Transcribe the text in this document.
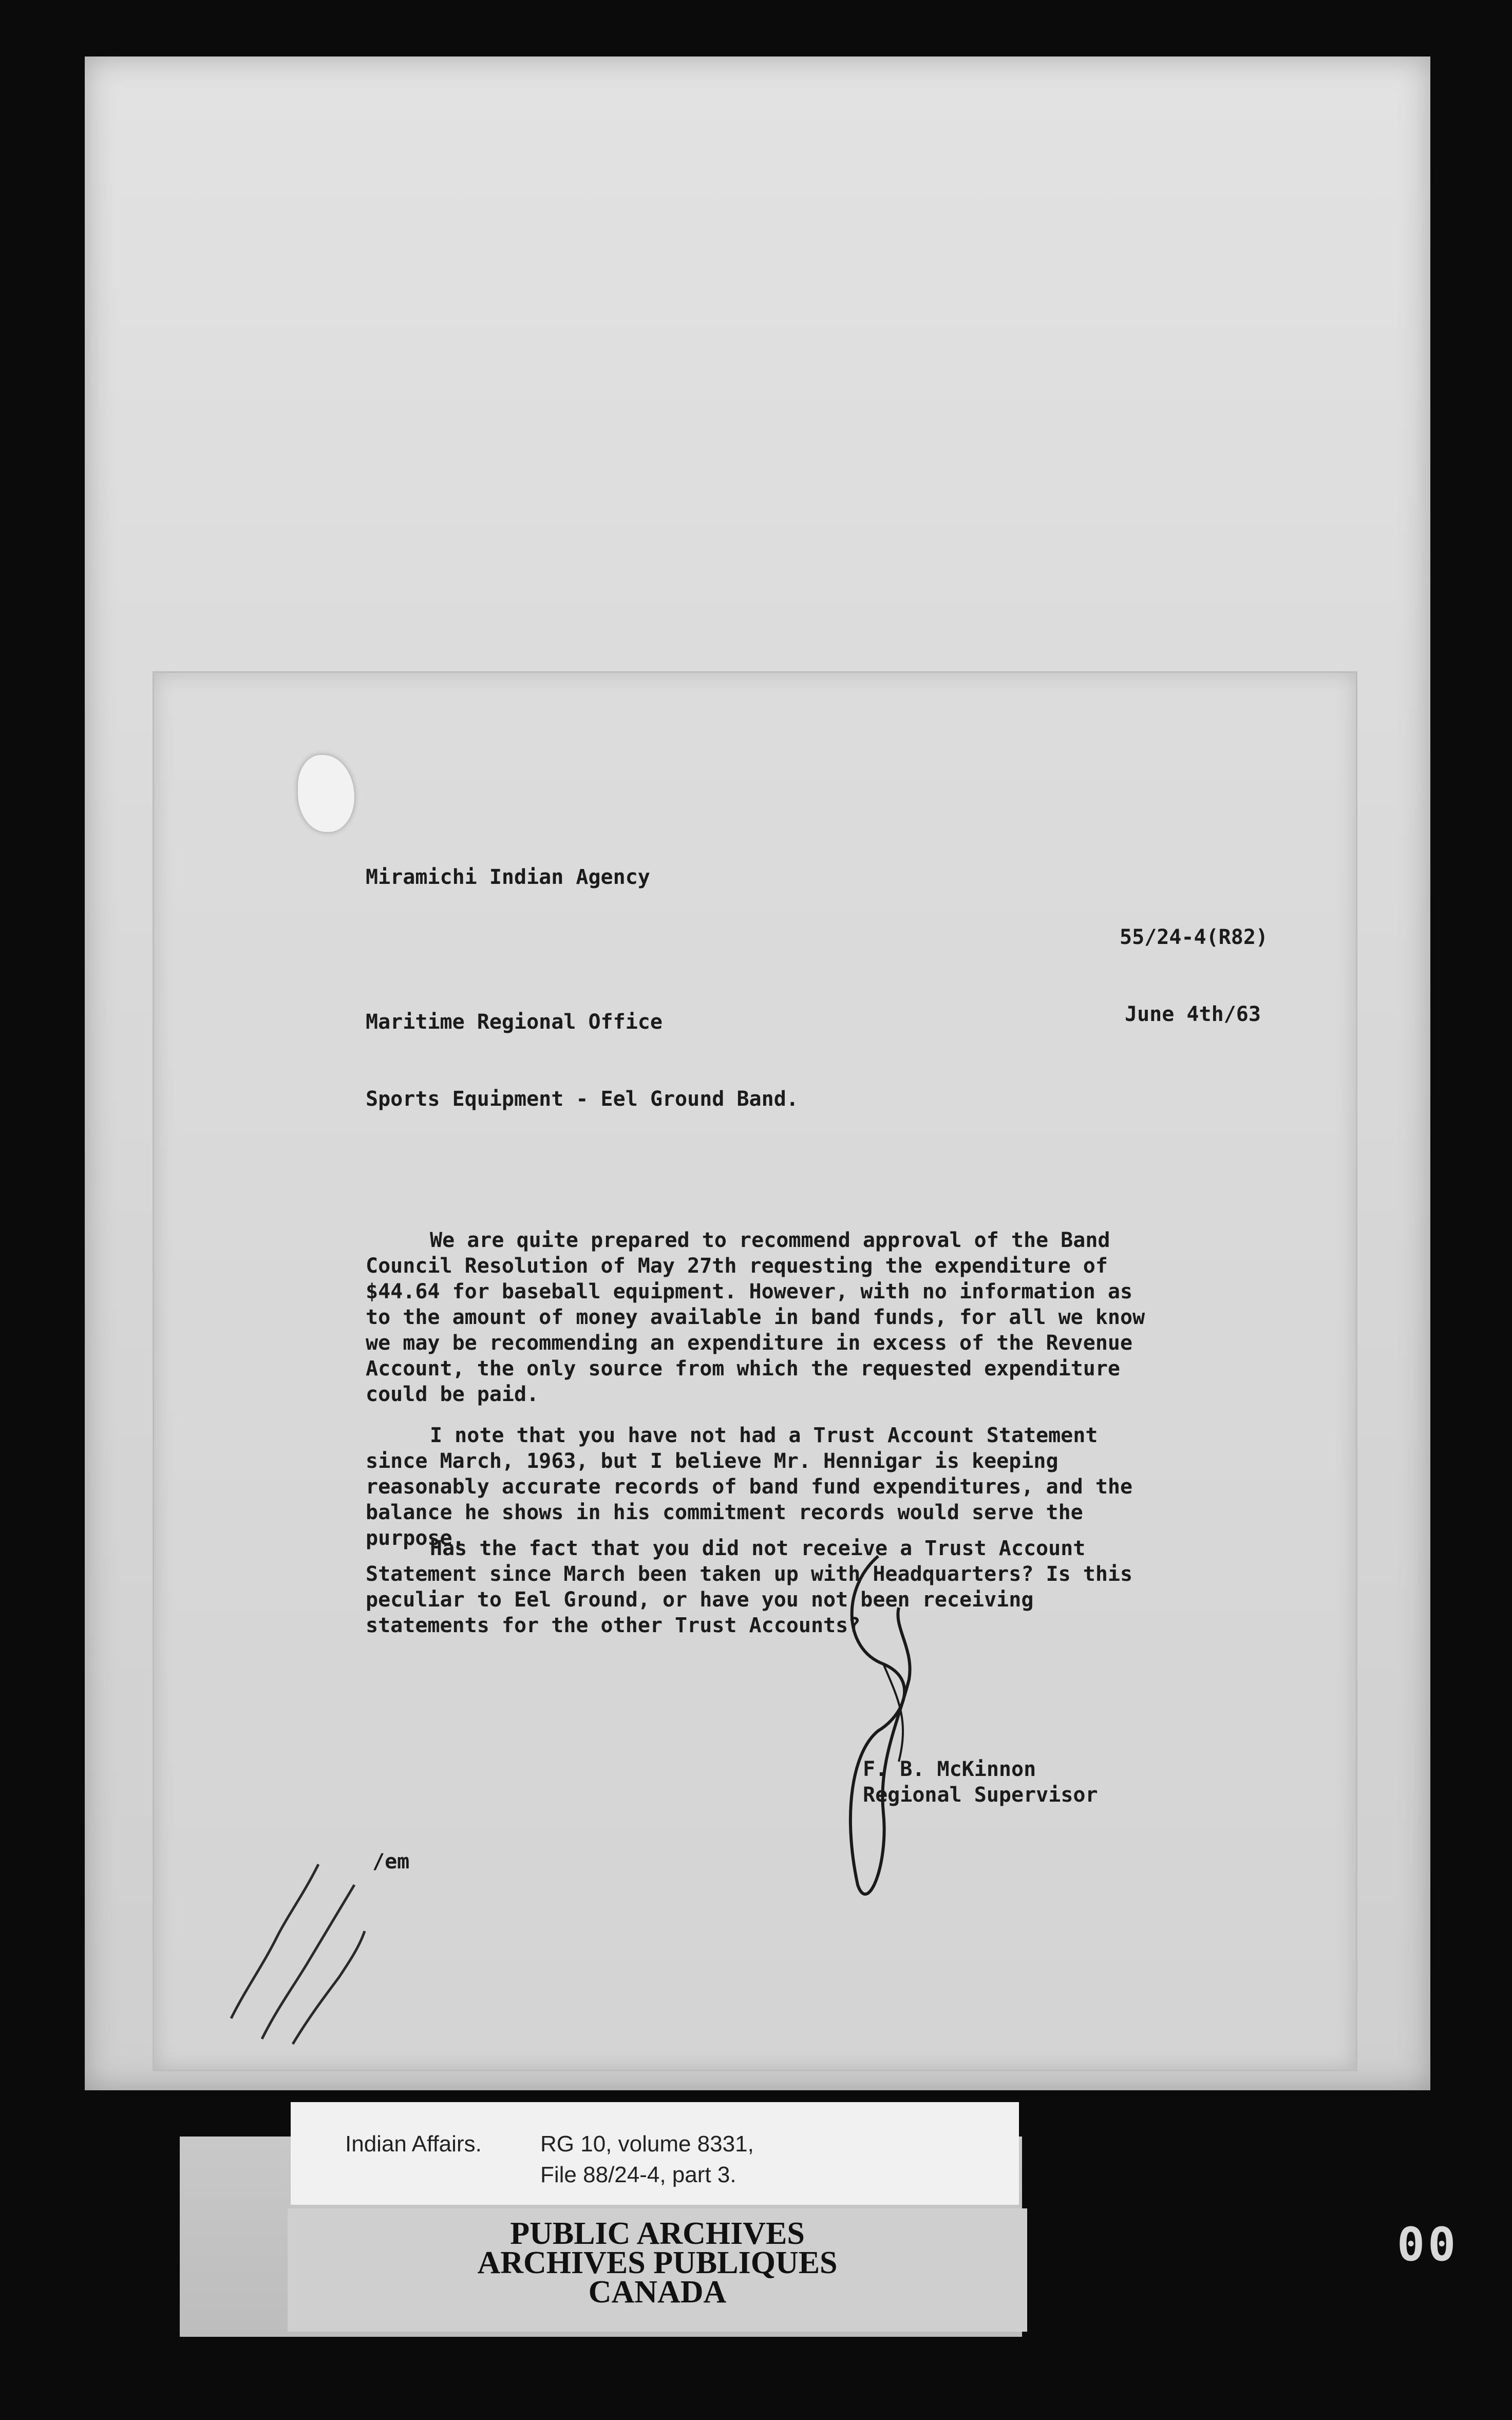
Miramichi Indian Agency
55/24-4(R82)
Maritime Regional Office	June 4th/63
Sports Equipment - Eel Ground Band.
We are quite prepared to recommend approval of the Band Council Resolution of May 27th requesting the expenditure of $44.64 for baseball equipment. However, with no information as to the amount of money available in band funds, for all we know we may be recommending an expenditure in excess of the Revenue Account, the only source from which the requested expenditure could be paid.
I note that you have not had a Trust Account Statement since March, 1963, but I believe Mr. Hennigar is keeping reasonably accurate records of band fund expenditures, and the balance he shows in his commitment records would serve the purpose.
Has the fact that you did not receive a Trust Account Statement since March been taken up with Headquarters? Is this peculiar to Eel Ground, or have you not been receiving statements for the other Trust Accounts?
F. B. McKinnon
Regional Supervisor
/em
Indian Affairs.	RG 10, volume 8331,
File 88/24-4, part 3.
PUBLIC ARCHIVES
ARCHIVES PUBLIQUES
CANADA
00
